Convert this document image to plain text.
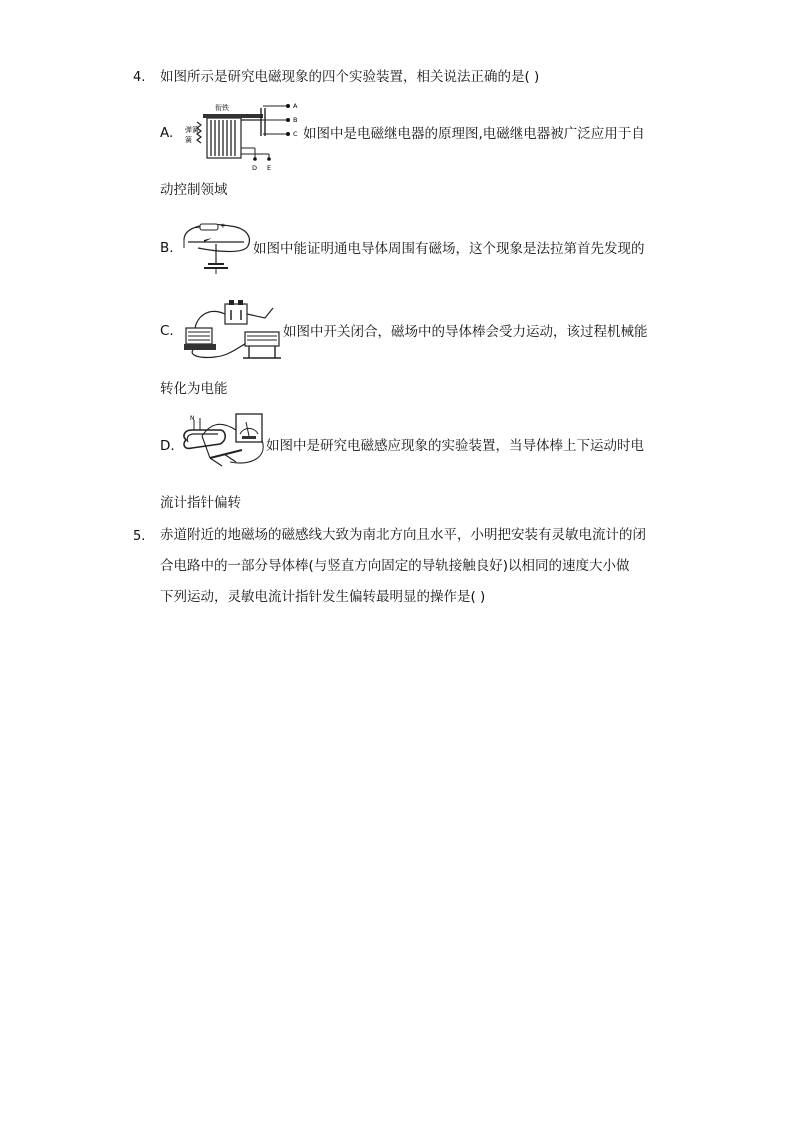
4. 如图所示是研究电磁现象的四个实验装置，相关说法正确的是( )
A.
衔铁
弹簧
簧
A
B
C
D E
如图中是电磁继电器的原理图,电磁继电器被广泛应用于自
动控制领域
B.
−	+
如图中能证明通电导体周围有磁场，这个现象是法拉第首先发现的
C.	如图中开关闭合，磁场中的导体棒会受力运动，该过程机械能
转化为电能
D.
N
如图中是研究电磁感应现象的实验装置，当导体棒上下运动时电
流计指针偏转
5. 赤道附近的地磁场的磁感线大致为南北方向且水平，小明把安装有灵敏电流计的闭
合电路中的一部分导体棒(与竖直方向固定的导轨接触良好)以相同的速度大小做
下列运动，灵敏电流计指针发生偏转最明显的操作是( )
